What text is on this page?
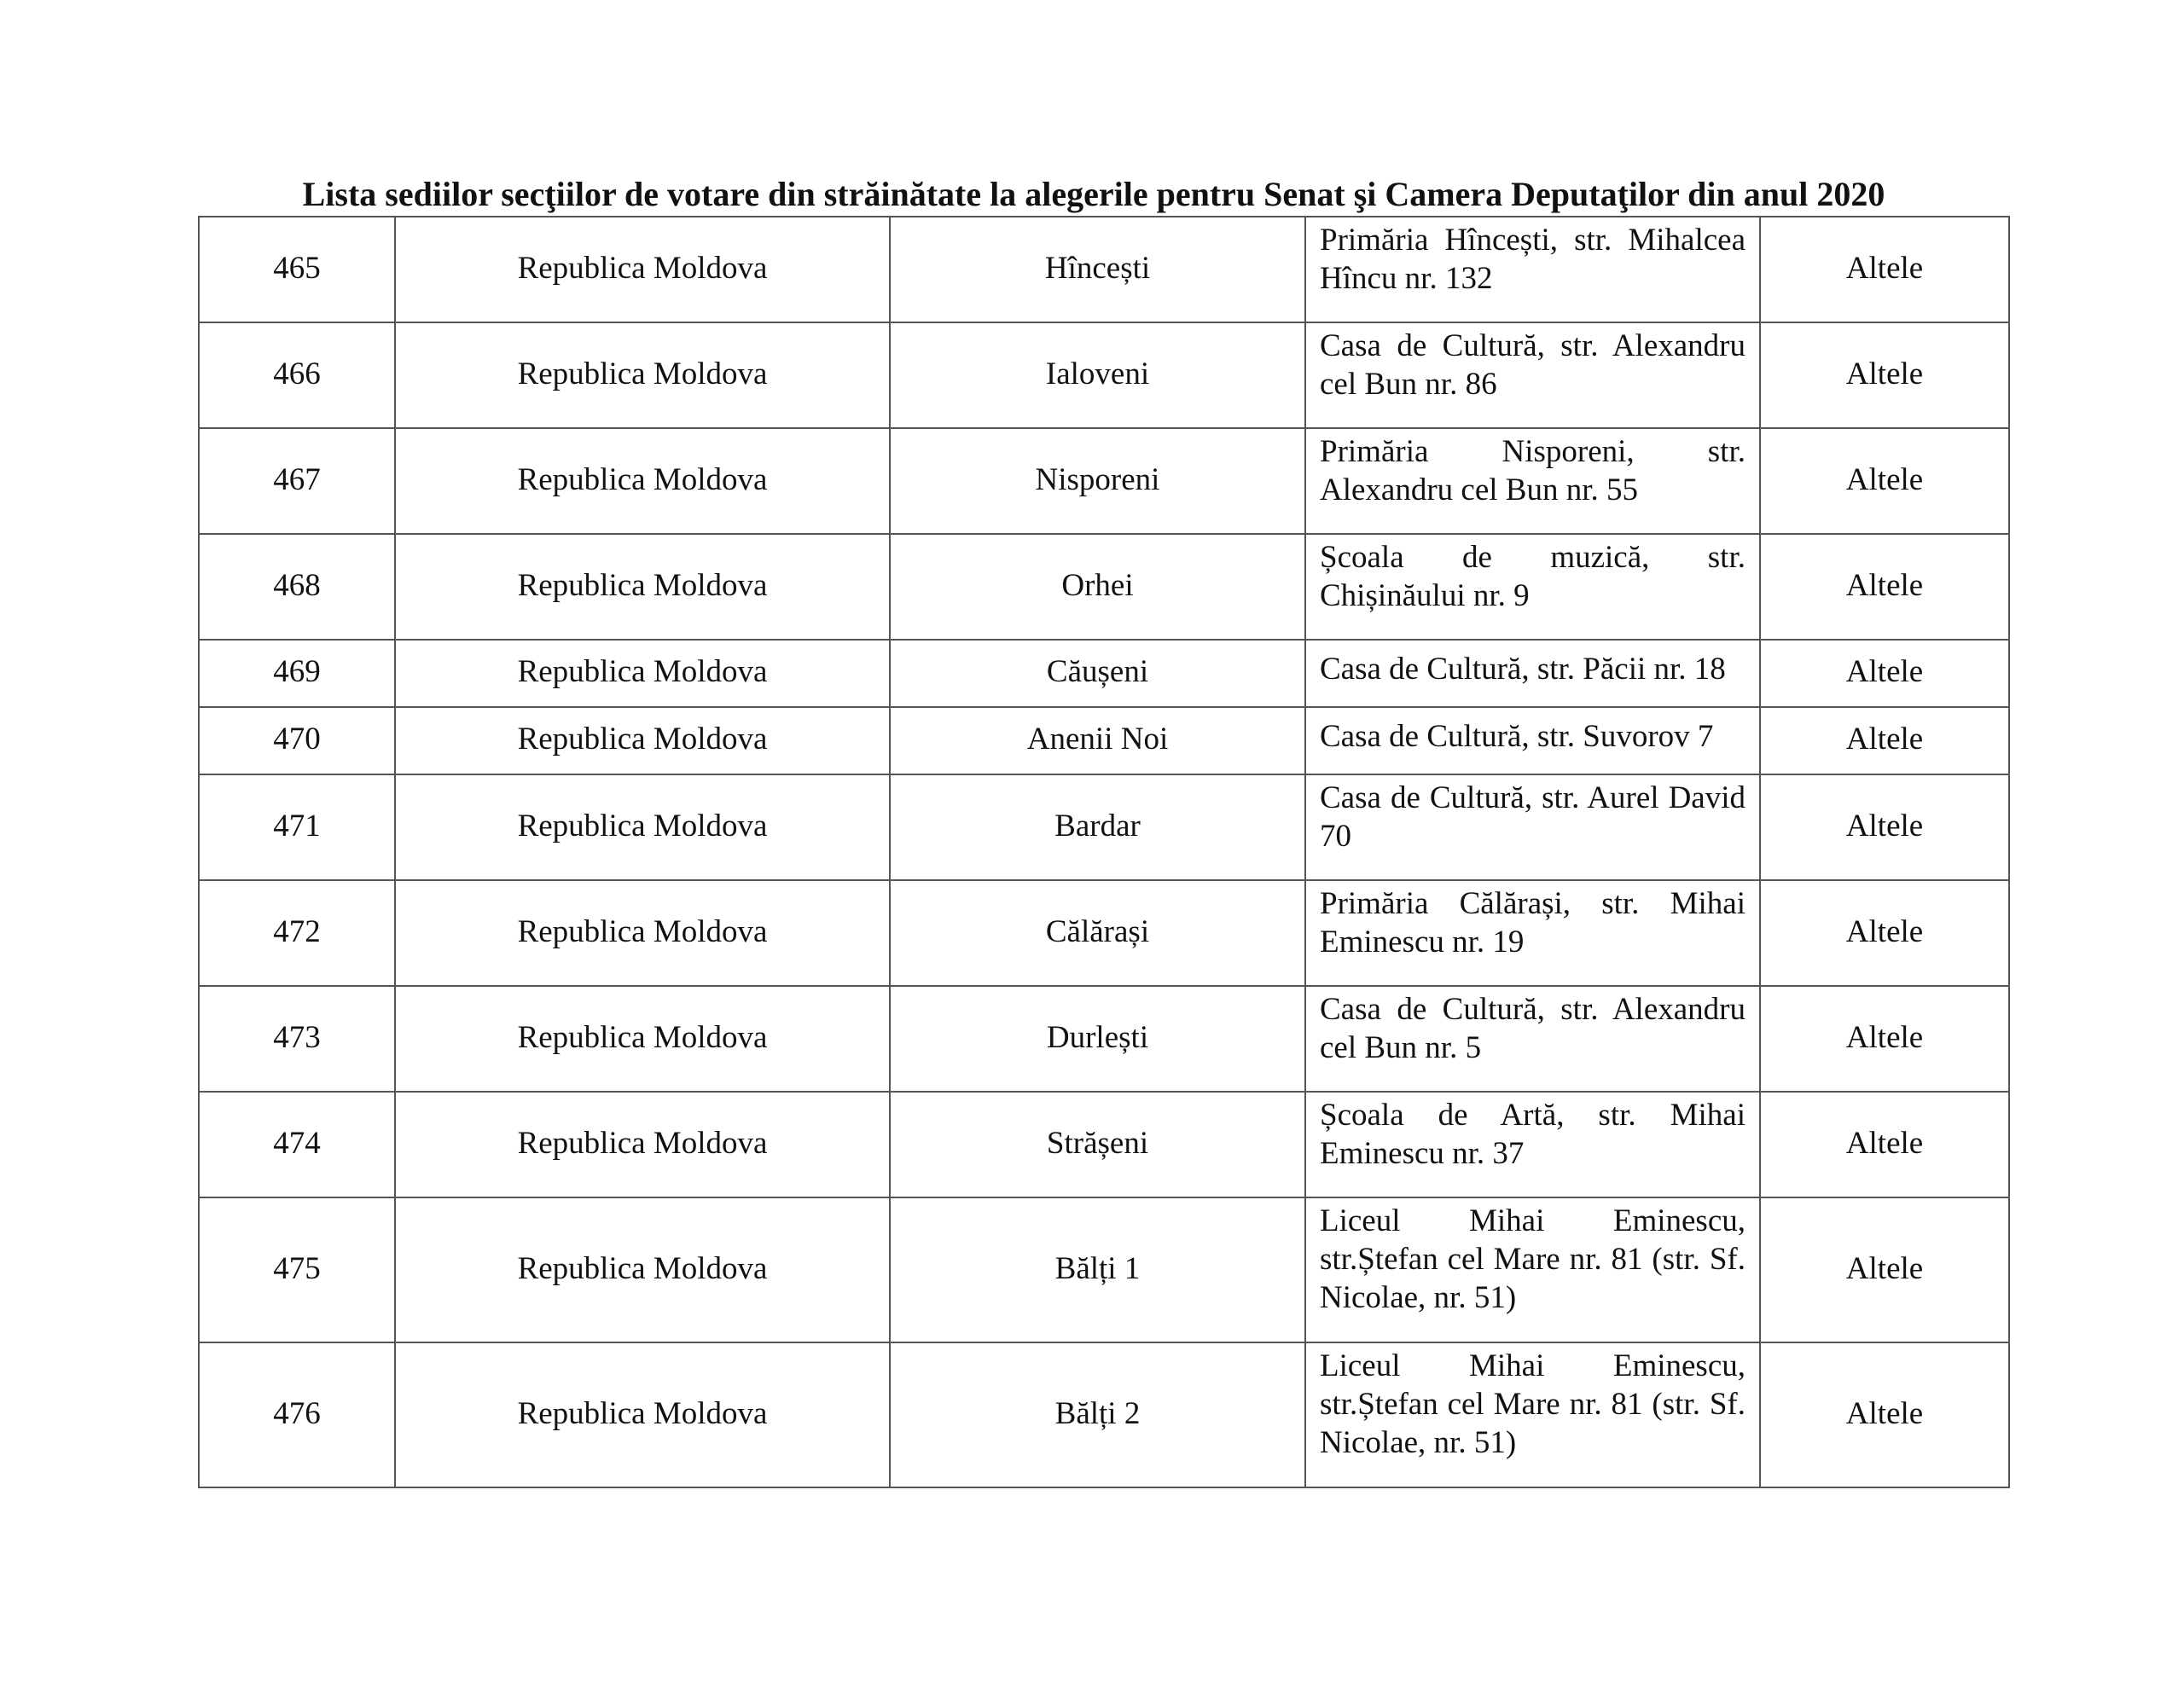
Lista sediilor secţiilor de votare din străinătate la alegerile pentru Senat şi Camera Deputaţilor din anul 2020
465	Republica Moldova	Hîncești	Primăria Hîncești, str. Mihalcea Hîncu nr. 132	Altele

466	Republica Moldova	Ialoveni	Casa de Cultură, str. Alexandru cel Bun nr. 86	Altele

467	Republica Moldova	Nisporeni	Primăria Nisporeni, str. Alexandru cel Bun nr. 55	Altele

468	Republica Moldova	Orhei	Școala de muzică, str. Chișinăului nr. 9	Altele

469	Republica Moldova	Căușeni	Casa de Cultură, str. Păcii nr. 18	Altele

470	Republica Moldova	Anenii Noi	Casa de Cultură, str. Suvorov 7	Altele

471	Republica Moldova	Bardar	Casa de Cultură, str. Aurel David 70	Altele

472	Republica Moldova	Călărași	Primăria Călărași, str. Mihai Eminescu nr. 19	Altele

473	Republica Moldova	Durlești	Casa de Cultură, str. Alexandru cel Bun nr. 5	Altele

474	Republica Moldova	Strășeni	Școala de Artă, str. Mihai Eminescu nr. 37	Altele

475	Republica Moldova	Bălți 1	Liceul Mihai Eminescu, str.Ștefan cel Mare nr. 81 (str. Sf. Nicolae, nr. 51)	Altele

476	Republica Moldova	Bălți 2	Liceul Mihai Eminescu, str.Ștefan cel Mare nr. 81 (str. Sf. Nicolae, nr. 51)	Altele
